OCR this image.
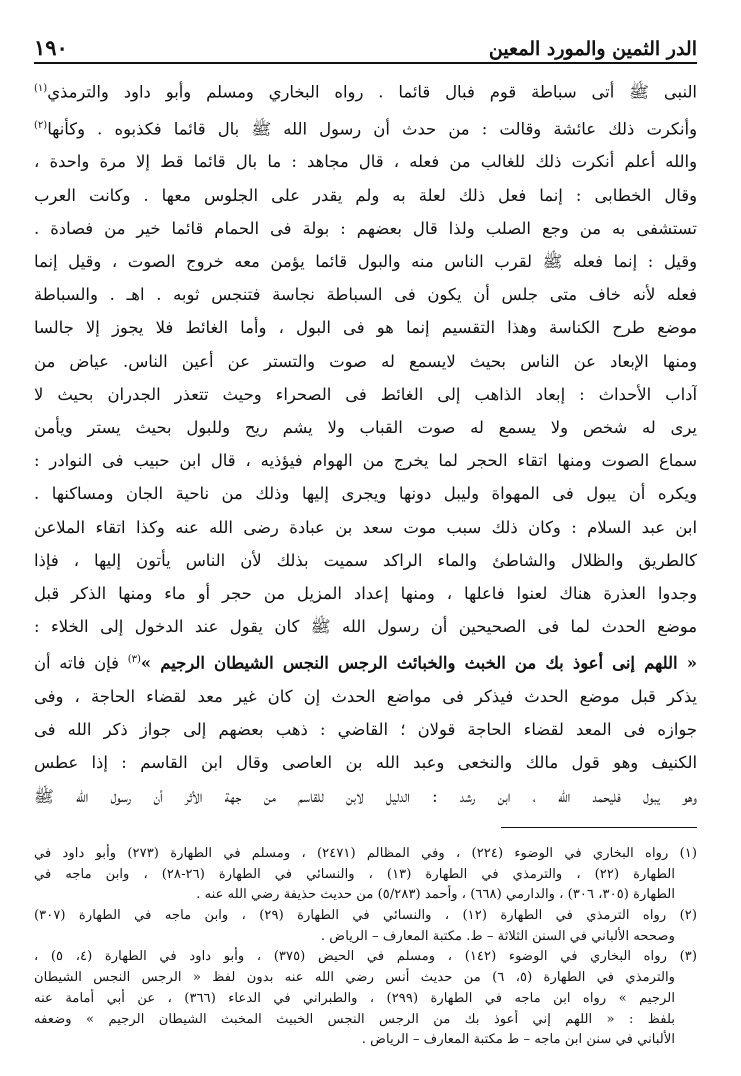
الدر الثمين والمورد المعين
١٩٠
النبى ﷺ أتى سباطة قوم فبال قائما . رواه البخاري ومسلم وأبو داود والترمذي$^{(١)}$
وأنكرت ذلك عائشة وقالت : من حدث أن رسول الله ﷺ بال قائما فكذبوه . وكأنها$^{(٢)}$
والله أعلم أنكرت ذلك للغالب من فعله ، قال مجاهد : ما بال قائما قط إلا مرة واحدة ،
وقال الخطابى : إنما فعل ذلك لعلة به ولم يقدر على الجلوس معها . وكانت العرب
تستشفى به من وجع الصلب ولذا قال بعضهم : بولة فى الحمام قائما خير من فصادة .
وقيل : إنما فعله ﷺ لقرب الناس منه والبول قائما يؤمن معه خروج الصوت ، وقيل إنما
فعله لأنه خاف متى جلس أن يكون فى السباطة نجاسة فتنجس ثوبه . اهـ . والسباطة
موضع طرح الكناسة وهذا التقسيم إنما هو فى البول ، وأما الغائط فلا يجوز إلا جالسا
ومنها الإبعاد عن الناس بحيث لايسمع له صوت والتستر عن أعين الناس. عياض من
آداب الأحداث : إبعاد الذاهب إلى الغائط فى الصحراء وحيث تتعذر الجدران بحيث لا
يرى له شخص ولا يسمع له صوت القباب ولا يشم ريح وللبول بحيث يستر ويأمن
سماع الصوت ومنها اتقاء الحجر لما يخرج من الهوام فيؤذيه ، قال ابن حبيب فى النوادر :
ويكره أن يبول فى المهواة وليبل دونها ويجرى إليها وذلك من ناحية الجان ومساكنها .
ابن عبد السلام : وكان ذلك سبب موت سعد بن عبادة رضى الله عنه وكذا اتقاء الملاعن
كالطريق والظلال والشاطئ والماء الراكد سميت بذلك لأن الناس يأتون إليها ، فإذا
وجدوا العذرة هناك لعنوا فاعلها ، ومنها إعداد المزيل من حجر أو ماء ومنها الذكر قبل
موضع الحدث لما فى الصحيحين أن رسول الله ﷺ كان يقول عند الدخول إلى الخلاء :
« اللهم إنى أعوذ بك من الخبث والخبائث الرجس النجس الشيطان الرجيم »$^{(٣)}$ فإن فاته أن
يذكر قبل موضع الحدث فيذكر فى مواضع الحدث إن كان غير معد لقضاء الحاجة ، وفى
جوازه فى المعد لقضاء الحاجة قولان ؛ القاضي : ذهب بعضهم إلى جواز ذكر الله فى
الكنيف وهو قول مالك والنخعى وعبد الله بن العاصى وقال ابن القاسم : إذا عطس
وهو يبول فليحمد الله ، ابن رشد : الدليل لابن للقاسم من جهة الأثر أن رسول الله ﷺ
(١) رواه البخاري في الوضوء (٢٢٤) ، وفي المظالم (٢٤٧١) ، ومسلم في الطهارة (٢٧٣) وأبو داود في
الطهارة (٢٢) ، والترمذي في الطهارة (١٣) ، والنسائي في الطهارة (٢٦-٢٨) ، وابن ماجه في
الطهارة (٣٠٥، ٣٠٦) ، والدارمي (٦٦٨) ، وأحمد (٥/٢٨٣) من حديث حذيفة رضي الله عنه .
(٢) رواه الترمذي في الطهارة (١٢) ، والنسائي في الطهارة (٢٩) ، وابن ماجه في الطهارة (٣٠٧)
وصححه الألباني في السنن الثلاثة – ط. مكتبة المعارف – الرياض .
(٣) رواه البخاري في الوضوء (١٤٢) ، ومسلم في الحيض (٣٧٥) ، وأبو داود في الطهارة (٤، ٥) ،
والترمذي في الطهارة (٥، ٦) من حديث أنس رضي الله عنه بدون لفظ « الرجس النجس الشيطان
الرجيم » رواه ابن ماجه في الطهارة (٢٩٩) ، والطبراني في الدعاء (٣٦٦) ، عن أبي أمامة عنه
بلفظ : « اللهم إني أعوذ بك من الرجس النجس الخبيث المخبث الشيطان الرجيم » وضعفه
الألباني في سنن ابن ماجه – ط مكتبة المعارف – الرياض .
